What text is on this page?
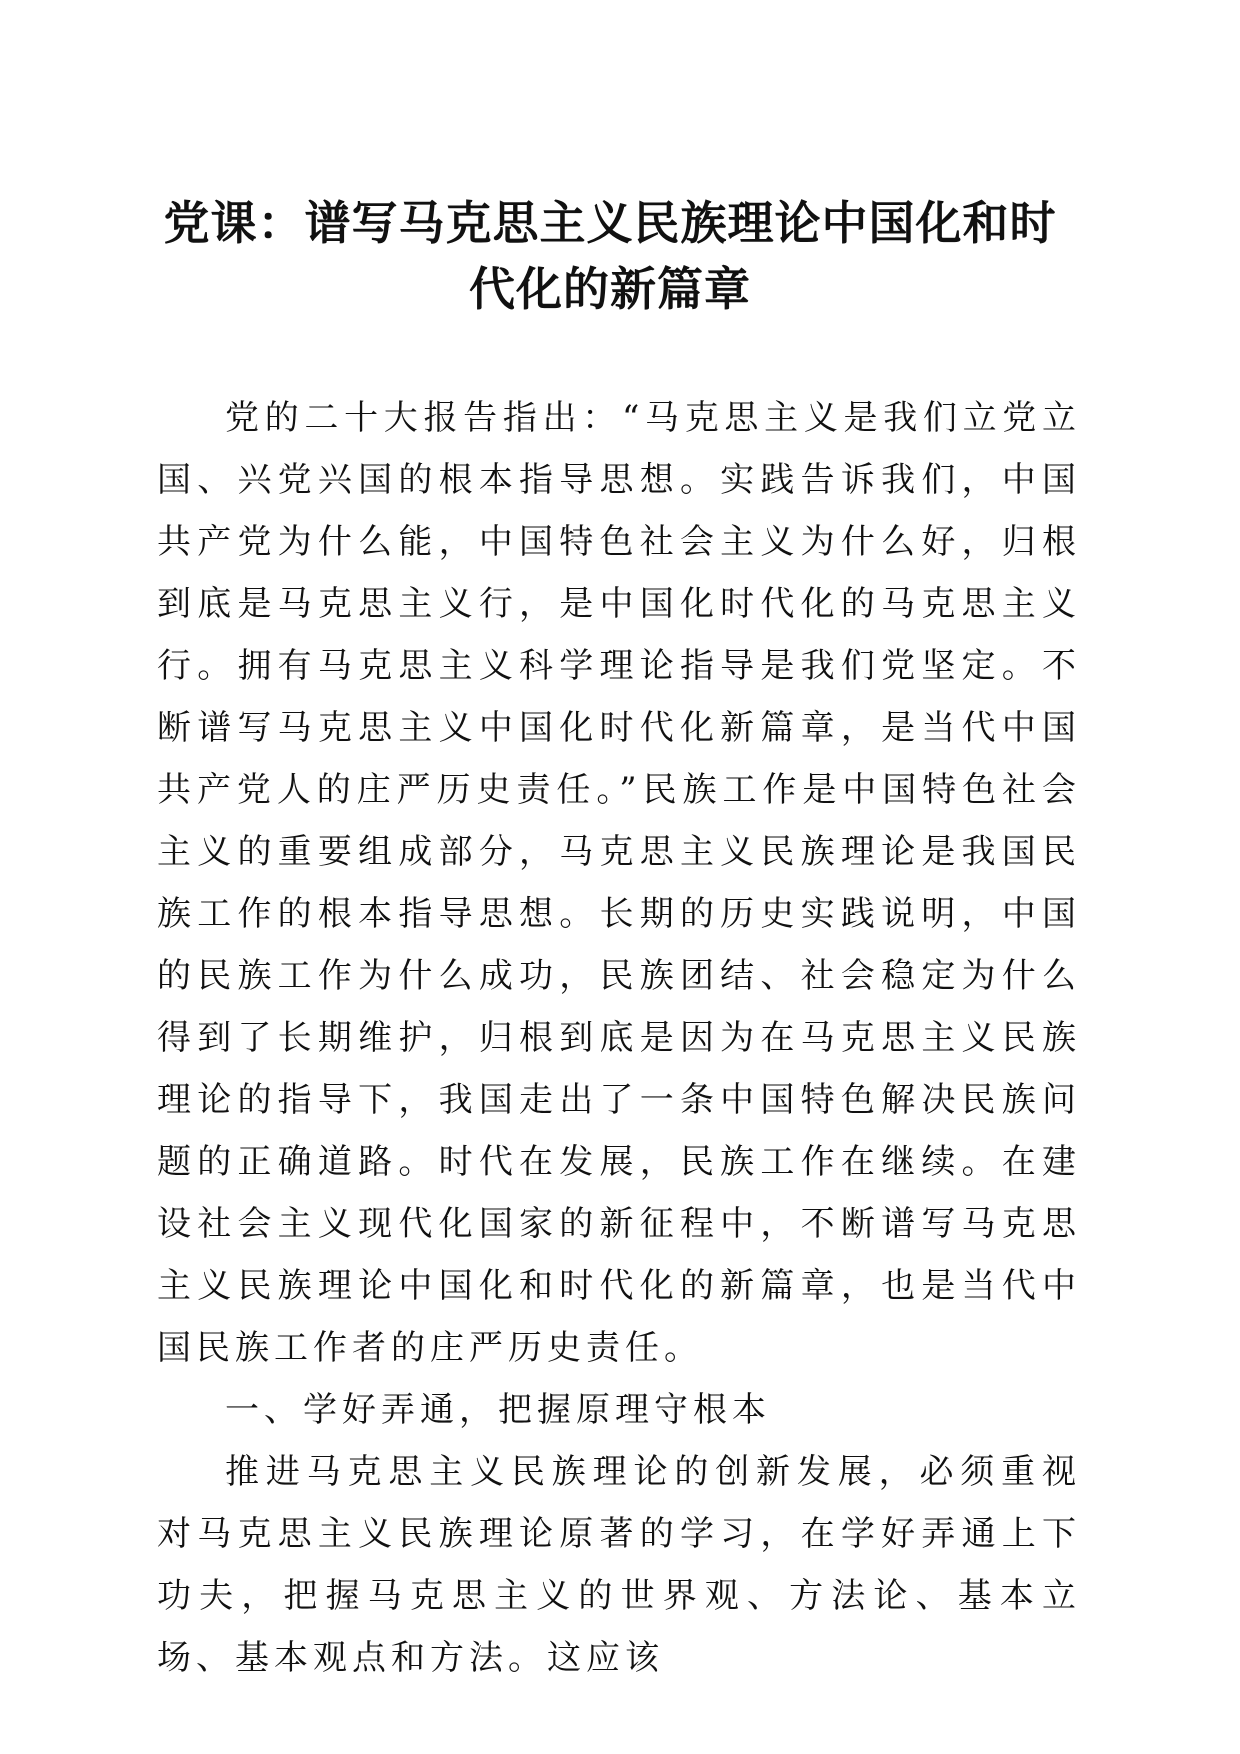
党课：谱写马克思主义民族理论中国化和时代化的新篇章

党的二十大报告指出：“马克思主义是我们立党立国、兴党兴国的根本指导思想。实践告诉我们，中国共产党为什么能，中国特色社会主义为什么好，归根到底是马克思主义行，是中国化时代化的马克思主义行。拥有马克思主义科学理论指导是我们党坚定。不断谱写马克思主义中国化时代化新篇章，是当代中国共产党人的庄严历史责任。”民族工作是中国特色社会主义的重要组成部分，马克思主义民族理论是我国民族工作的根本指导思想。长期的历史实践说明，中国的民族工作为什么成功，民族团结、社会稳定为什么得到了长期维护，归根到底是因为在马克思主义民族理论的指导下，我国走出了一条中国特色解决民族问题的正确道路。时代在发展，民族工作在继续。在建设社会主义现代化国家的新征程中，不断谱写马克思主义民族理论中国化和时代化的新篇章，也是当代中国民族工作者的庄严历史责任。

一、学好弄通，把握原理守根本

推进马克思主义民族理论的创新发展，必须重视对马克思主义民族理论原著的学习，在学好弄通上下功夫，把握马克思主义的世界观、方法论、基本立场、基本观点和方法。这应该
